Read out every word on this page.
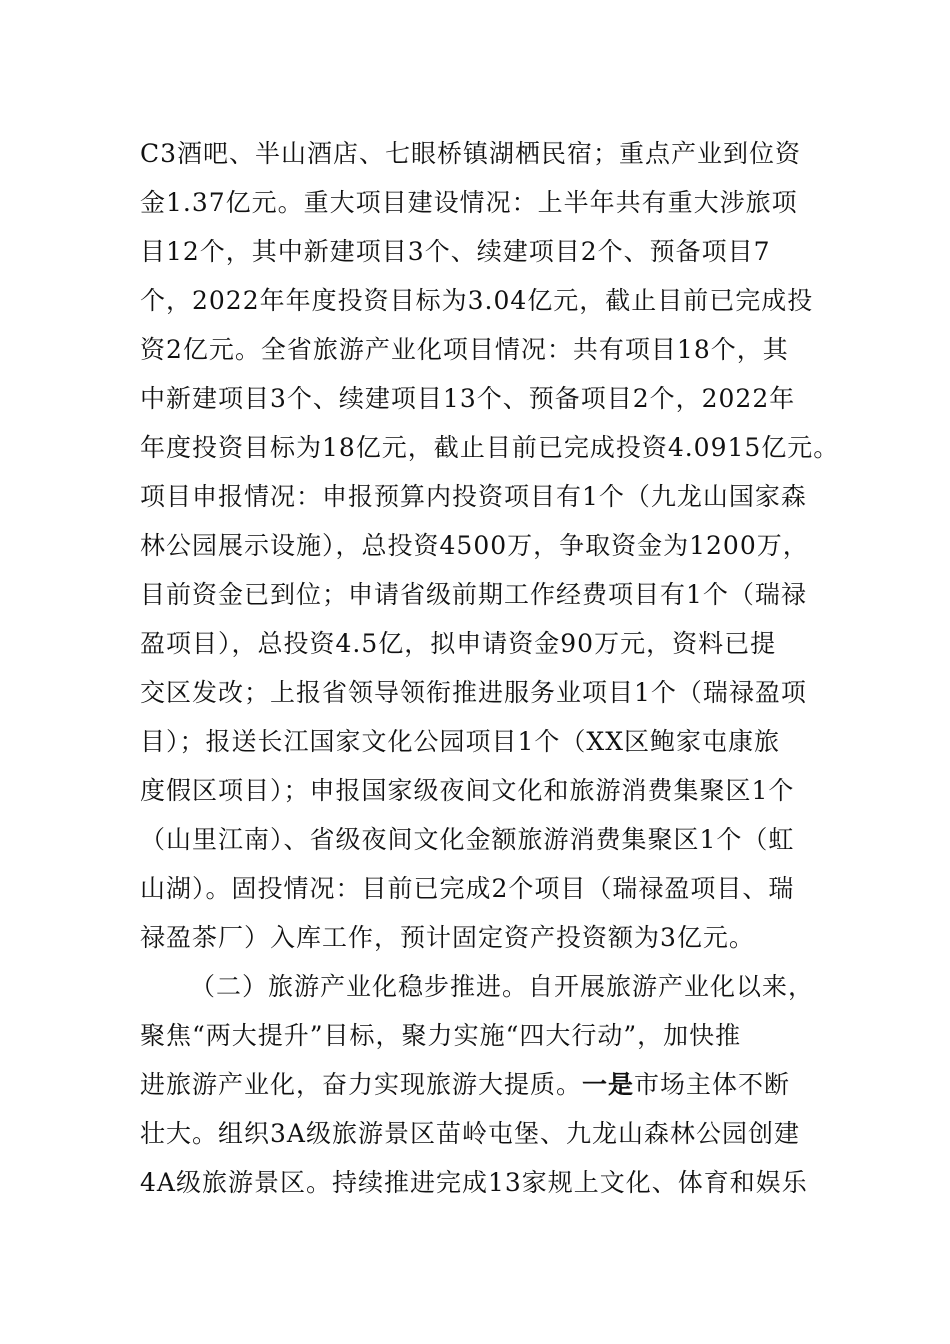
C3酒吧、半山酒店、七眼桥镇湖栖民宿；重点产业到位资
金1.37亿元。重大项目建设情况：上半年共有重大涉旅项
目12个，其中新建项目3个、续建项目2个、预备项目7
个，2022年年度投资目标为3.04亿元，截止目前已完成投
资2亿元。全省旅游产业化项目情况：共有项目18个，其
中新建项目3个、续建项目13个、预备项目2个，2022年
年度投资目标为18亿元，截止目前已完成投资4.0915亿元。
项目申报情况：申报预算内投资项目有1个（九龙山国家森
林公园展示设施），总投资4500万，争取资金为1200万，
目前资金已到位；申请省级前期工作经费项目有1个（瑞禄
盈项目），总投资4.5亿，拟申请资金90万元，资料已提
交区发改；上报省领导领衔推进服务业项目1个（瑞禄盈项
目）；报送长江国家文化公园项目1个（XX区鲍家屯康旅
度假区项目）；申报国家级夜间文化和旅游消费集聚区1个
（山里江南）、省级夜间文化金额旅游消费集聚区1个（虹
山湖）。固投情况：目前已完成2个项目（瑞禄盈项目、瑞
禄盈茶厂）入库工作，预计固定资产投资额为3亿元。
（二）旅游产业化稳步推进。自开展旅游产业化以来，
聚焦“两大提升”目标，聚力实施“四大行动”，加快推
进旅游产业化，奋力实现旅游大提质。一是市场主体不断
壮大。组织3A级旅游景区苗岭屯堡、九龙山森林公园创建
4A级旅游景区。持续推进完成13家规上文化、体育和娱乐
